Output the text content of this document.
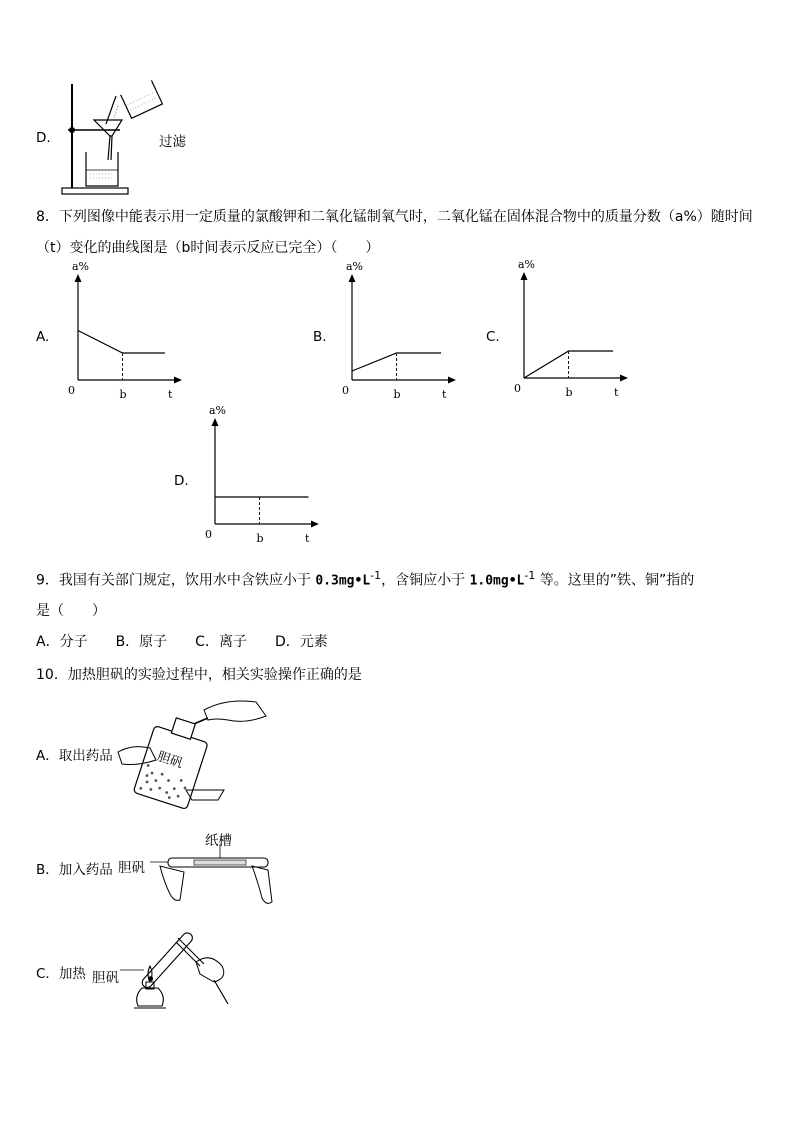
D.	过滤
8．下列图像中能表示用一定质量的氯酸钾和二氧化锰制氧气时，二氧化锰在固体混合物中的质量分数（a%）随时间
（t）变化的曲线图是（b时间表示反应已完全）（　　）
A.	B.	C.
D.
a%
0	b	t
a%
0	b	t
a%
0	b	t
a%
0	b	t
9．我国有关部门规定，饮用水中含铁应小于 $0.3mg•L^{-1}$，含铜应小于 $1.0mg•L^{-1}$ 等。这里的”铁、铜”指的
是（　　）
A．分子　　B．原子　　C．离子　　D．元素
10．加热胆矾的实验过程中，相关实验操作正确的是
A．取出药品	胆矾
B．加入药品 胆矾
纸槽
C．加热 胆矾
